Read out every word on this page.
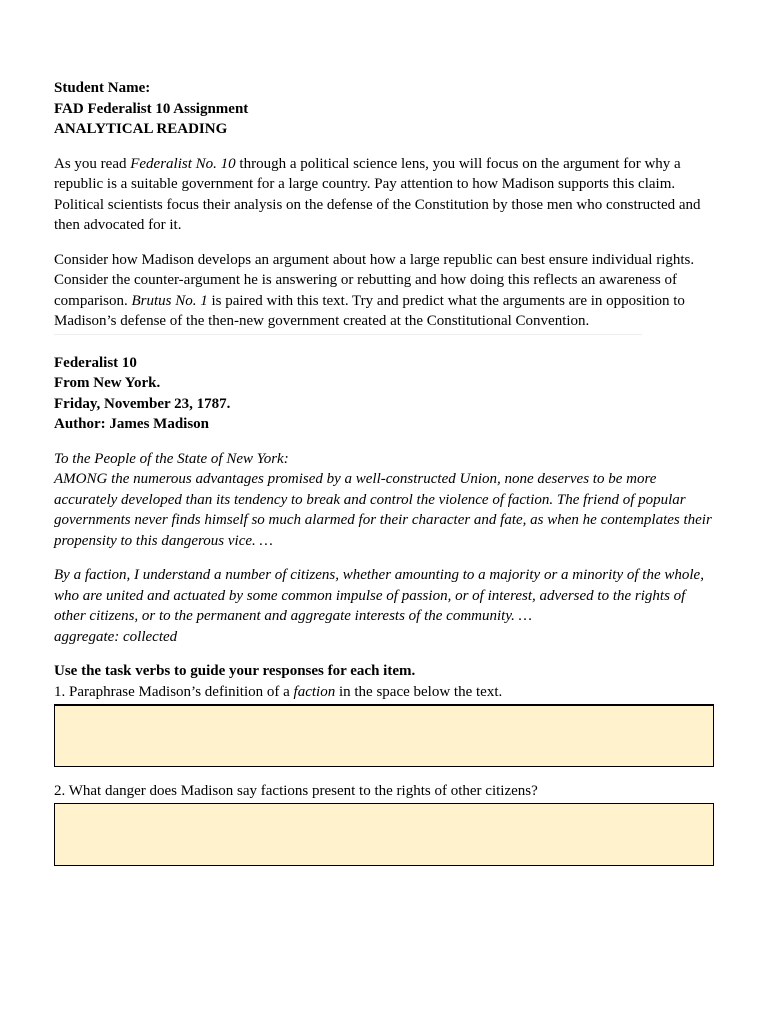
Student Name:

FAD Federalist 10 Assignment

ANALYTICAL READING

As you read Federalist No. 10 through a political science lens, you will focus on the argument for why a republic is a suitable government for a large country. Pay attention to how Madison supports this claim. Political scientists focus their analysis on the defense of the Constitution by those men who constructed and then advocated for it.

Consider how Madison develops an argument about how a large republic can best ensure individual rights. Consider the counter-argument he is answering or rebutting and how doing this reflects an awareness of comparison. Brutus No. 1 is paired with this text. Try and predict what the arguments are in opposition to Madison’s defense of the then-new government created at the Constitutional Convention.

Federalist 10

From New York.

Friday, November 23, 1787.

Author: James Madison

To the People of the State of New York:

AMONG the numerous advantages promised by a well-constructed Union, none deserves to be more accurately developed than its tendency to break and control the violence of faction. The friend of popular governments never finds himself so much alarmed for their character and fate, as when he contemplates their propensity to this dangerous vice. …

By a faction, I understand a number of citizens, whether amounting to a majority or a minority of the whole, who are united and actuated by some common impulse of passion, or of interest, adversed to the rights of other citizens, or to the permanent and aggregate interests of the community. …

aggregate: collected

Use the task verbs to guide your responses for each item.

1. Paraphrase Madison’s definition of a faction in the space below the text.

2. What danger does Madison say factions present to the rights of other citizens?
